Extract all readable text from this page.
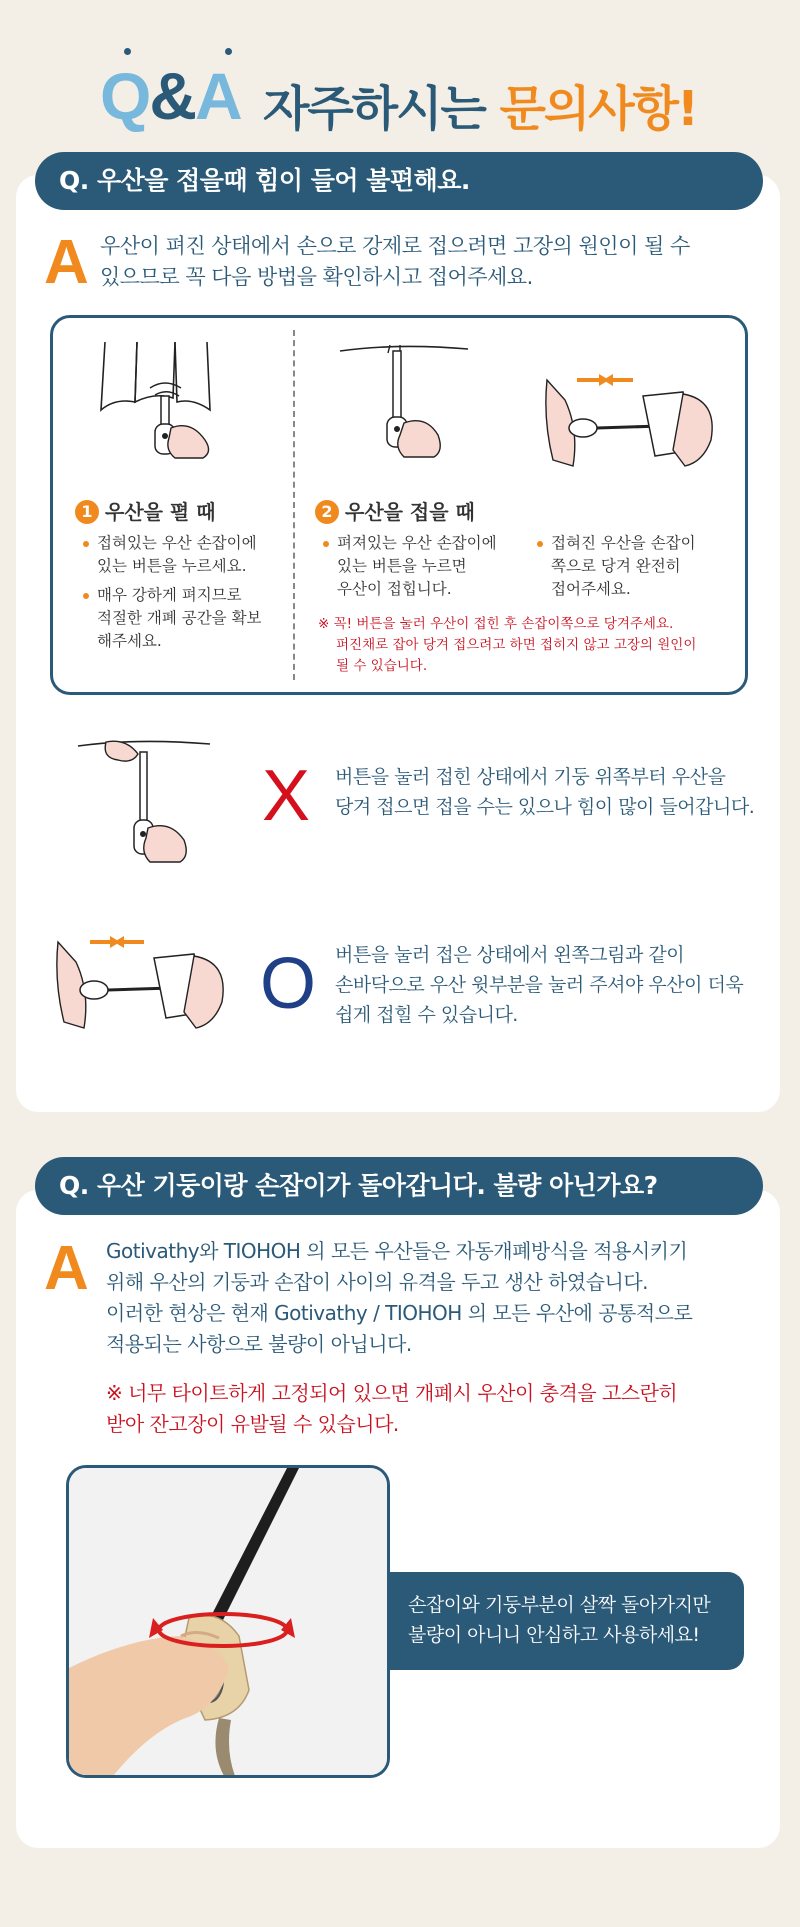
Q&A 자주하시는 문의사항!
Q. 우산을 접을때 힘이 들어 불편해요.
A 우산이 펴진 상태에서 손으로 강제로 접으려면 고장의 원인이 될 수
있으므로 꼭 다음 방법을 확인하시고 접어주세요.
1 우산을 펼 때
접혀있는 우산 손잡이에
있는 버튼을 누르세요.
매우 강하게 펴지므로
적절한 개폐 공간을 확보
해주세요.
2 우산을 접을 때
펴져있는 우산 손잡이에
있는 버튼을 누르면
우산이 접힙니다.
접혀진 우산을 손잡이
쪽으로 당겨 완전히
접어주세요.
※ 꼭! 버튼을 눌러 우산이 접힌 후 손잡이쪽으로 당겨주세요.
퍼진채로 잡아 당겨 접으려고 하면 접히지 않고 고장의 원인이
될 수 있습니다.
X 버튼을 눌러 접힌 상태에서 기둥 위쪽부터 우산을
당겨 접으면 접을 수는 있으나 힘이 많이 들어갑니다.
O 버튼을 눌러 접은 상태에서 왼쪽그림과 같이
손바닥으로 우산 윗부분을 눌러 주셔야 우산이 더욱
쉽게 접힐 수 있습니다.
Q. 우산 기둥이랑 손잡이가 돌아갑니다. 불량 아닌가요?
A Gotivathy와 TIOHOH 의 모든 우산들은 자동개폐방식을 적용시키기
위해 우산의 기둥과 손잡이 사이의 유격을 두고 생산 하였습니다.
이러한 현상은 현재 Gotivathy / TIOHOH 의 모든 우산에 공통적으로
적용되는 사항으로 불량이 아닙니다.
※ 너무 타이트하게 고정되어 있으면 개폐시 우산이 충격을 고스란히
받아 잔고장이 유발될 수 있습니다.
손잡이와 기둥부분이 살짝 돌아가지만
불량이 아니니 안심하고 사용하세요!
